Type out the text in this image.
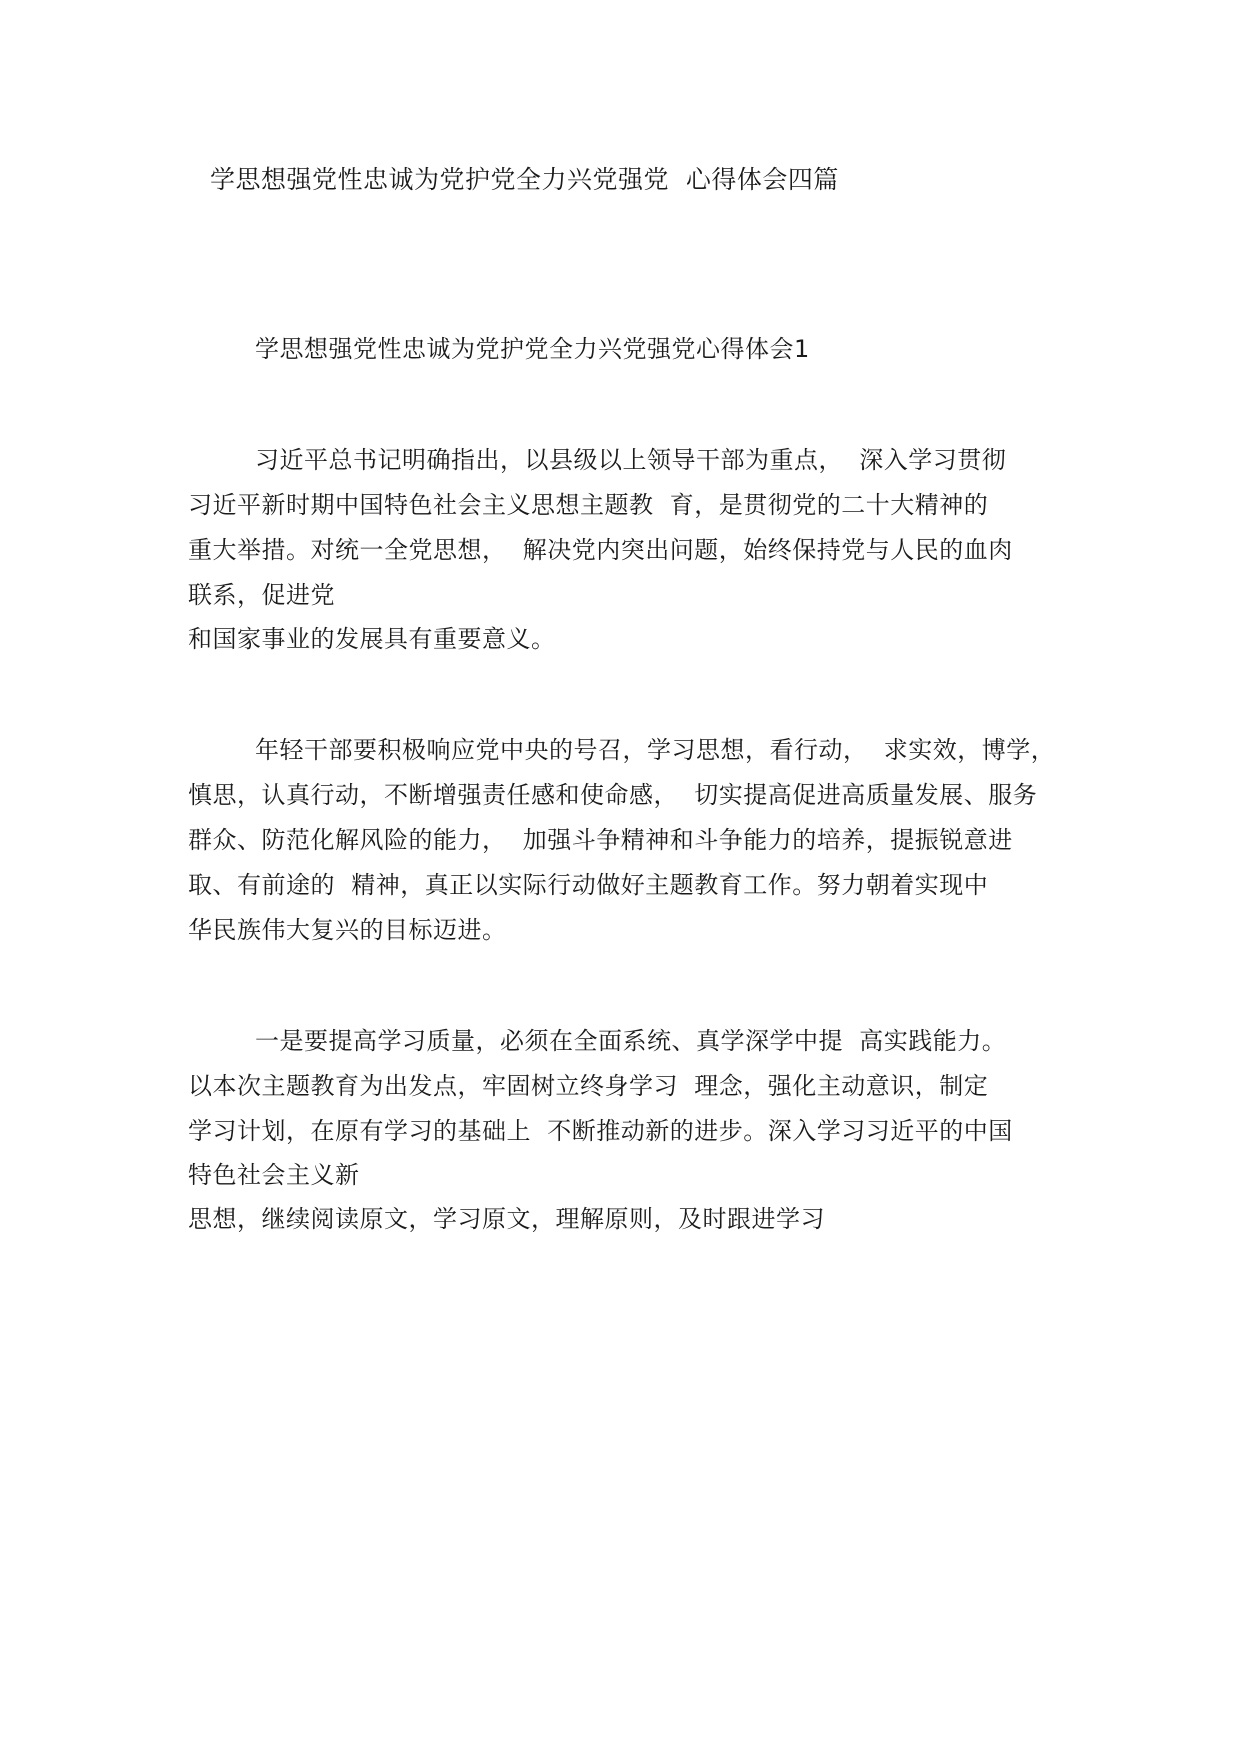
学思想强党性忠诚为党护党全力兴党强党  心得体会四篇
学思想强党性忠诚为党护党全力兴党强党心得体会1
习近平总书记明确指出，以县级以上领导干部为重点，  深入学习贯彻
习近平新时期中国特色社会主义思想主题教  育，是贯彻党的二十大精神的
重大举措。对统一全党思想，  解决党内突出问题，始终保持党与人民的血肉
联系，促进党
和国家事业的发展具有重要意义。
年轻干部要积极响应党中央的号召，学习思想，看行动，  求实效，博学，
慎思，认真行动，不断增强责任感和使命感，  切实提高促进高质量发展、服务
群众、防范化解风险的能力，  加强斗争精神和斗争能力的培养，提振锐意进
取、有前途的  精神，真正以实际行动做好主题教育工作。努力朝着实现中
华民族伟大复兴的目标迈进。
一是要提高学习质量，必须在全面系统、真学深学中提  高实践能力。
以本次主题教育为出发点，牢固树立终身学习  理念，强化主动意识，制定
学习计划，在原有学习的基础上  不断推动新的进步。深入学习习近平的中国
特色社会主义新
思想，继续阅读原文，学习原文，理解原则，及时跟进学习
